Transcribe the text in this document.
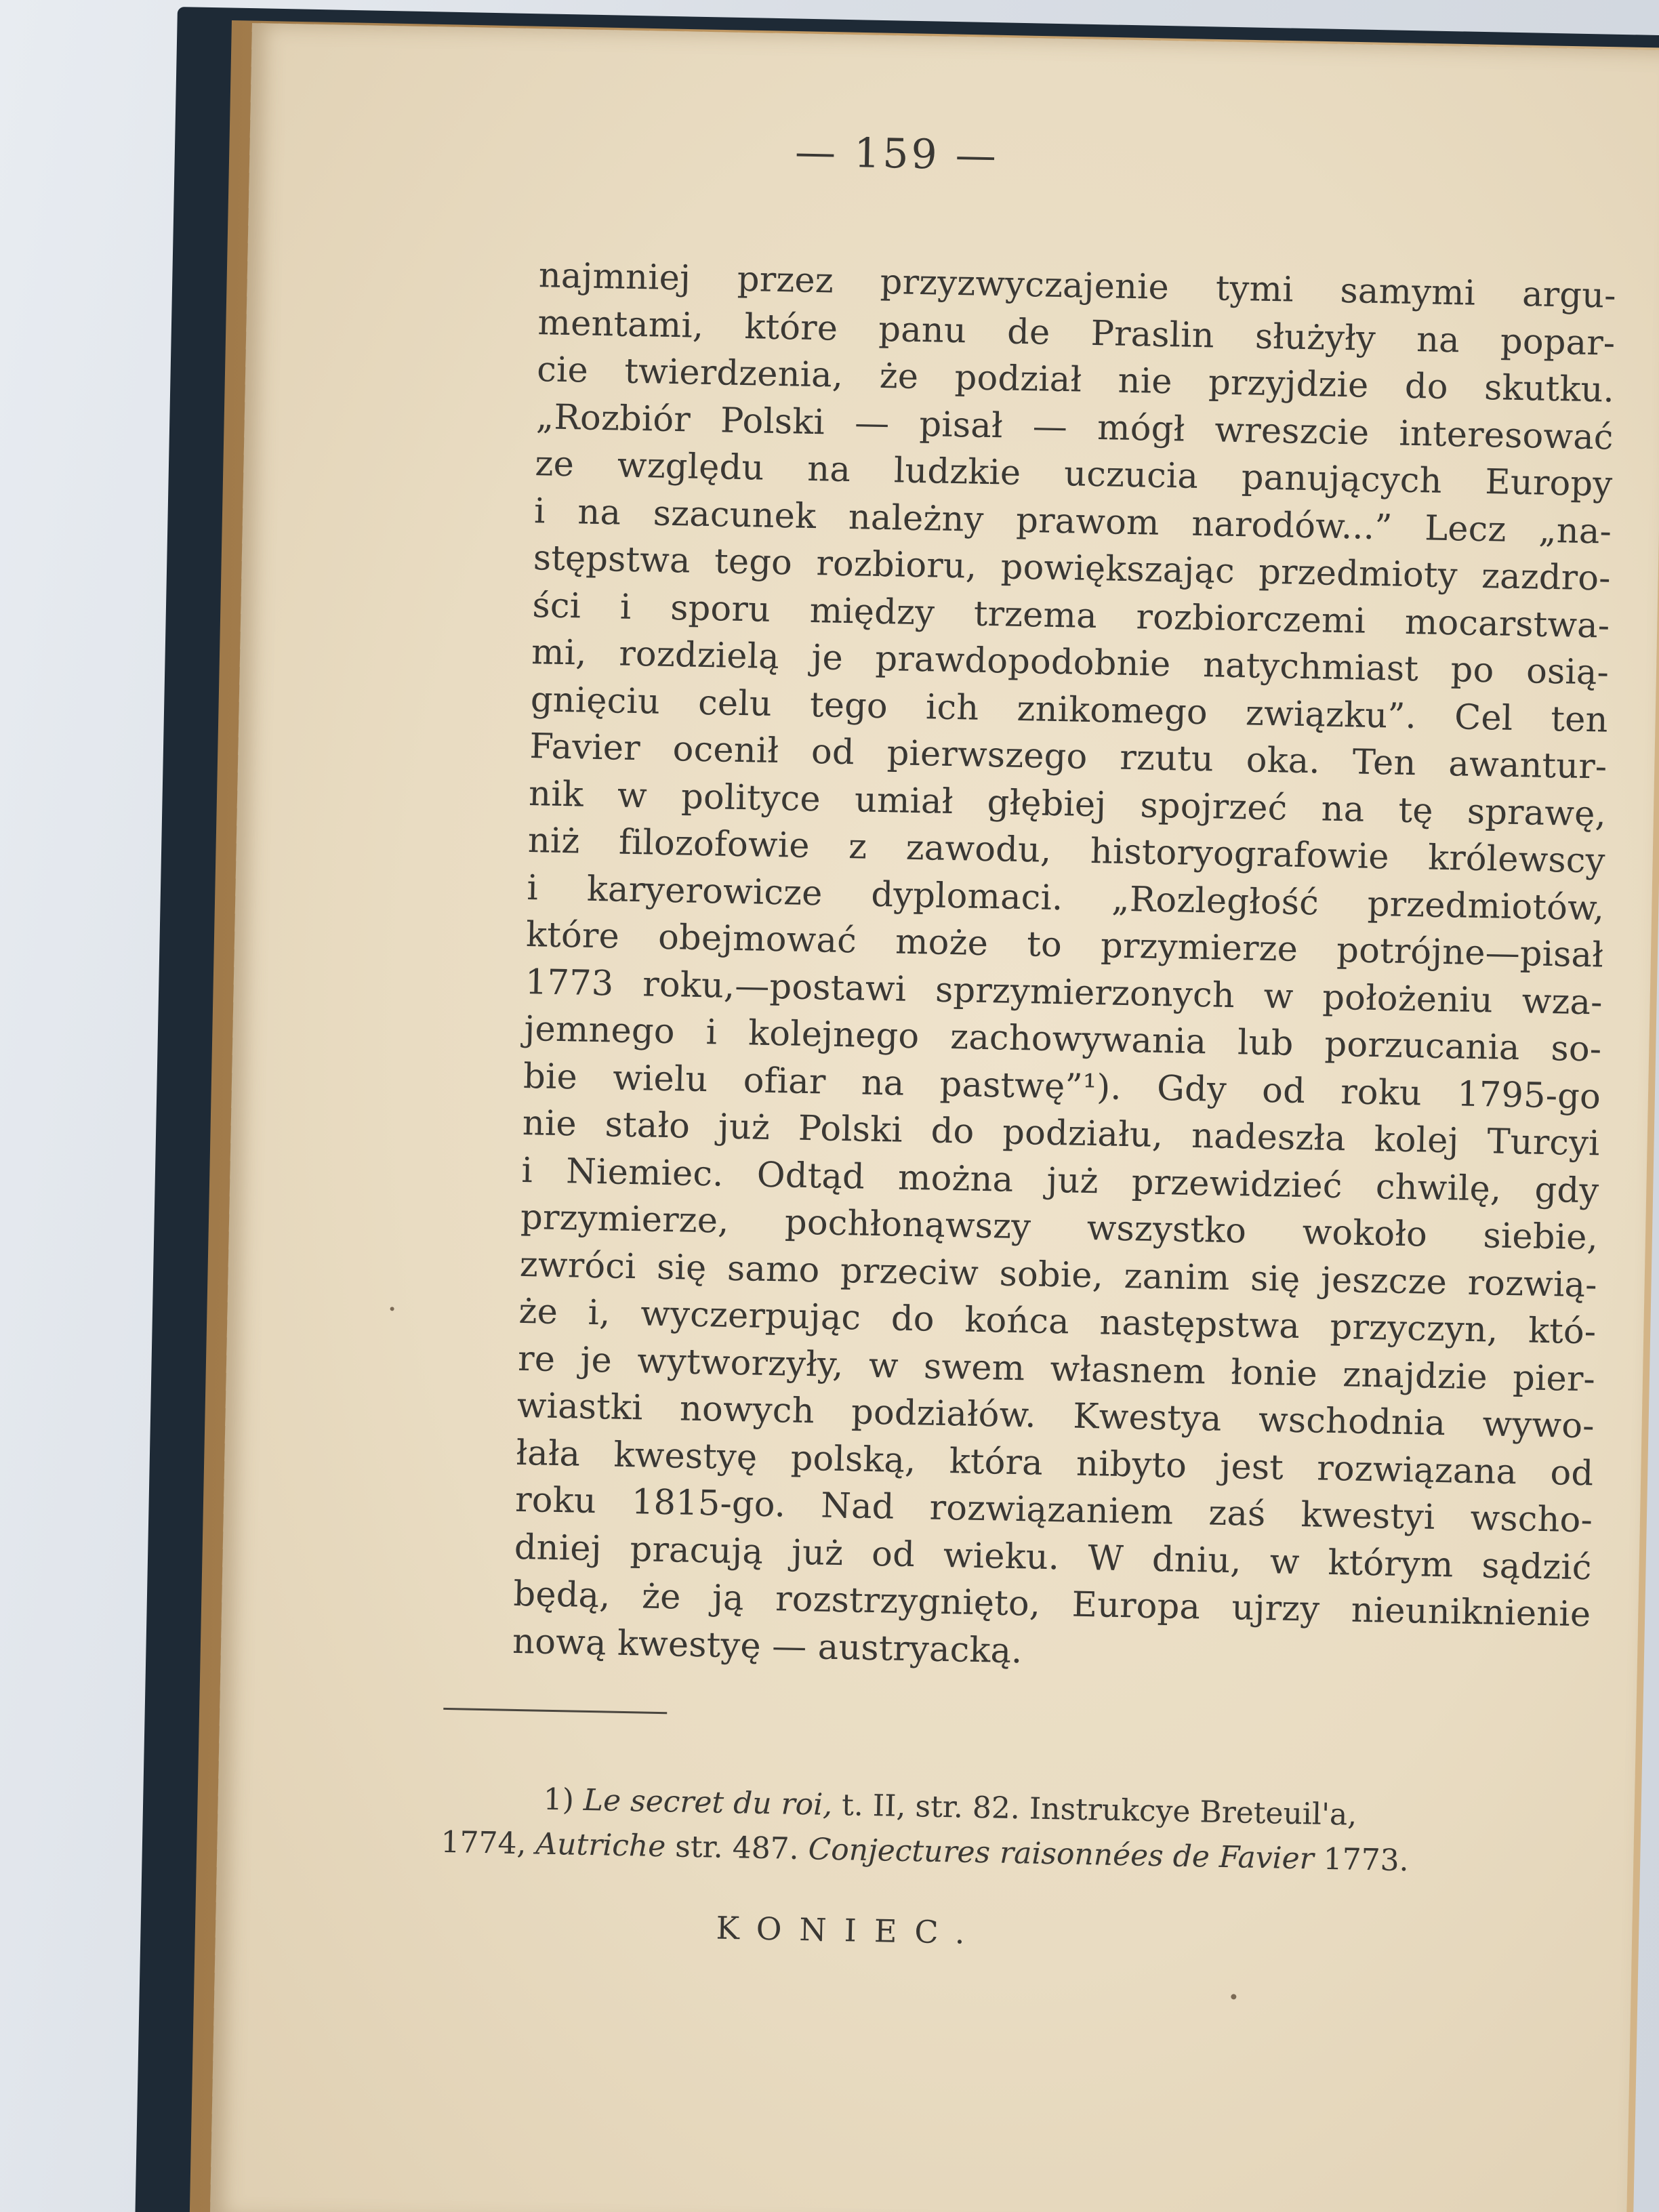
— 159 —
najmniej przez przyzwyczajenie tymi samymi argu-
mentami, które panu de Praslin służyły na popar-
cie twierdzenia, że podział nie przyjdzie do skutku.
„Rozbiór Polski — pisał — mógł wreszcie interesować
ze względu na ludzkie uczucia panujących Europy
i na szacunek należny prawom narodów...” Lecz „na-
stępstwa tego rozbioru, powiększając przedmioty zazdro-
ści i sporu między trzema rozbiorczemi mocarstwa-
mi, rozdzielą je prawdopodobnie natychmiast po osią-
gnięciu celu tego ich znikomego związku”. Cel ten
Favier ocenił od pierwszego rzutu oka. Ten awantur-
nik w polityce umiał głębiej spojrzeć na tę sprawę,
niż filozofowie z zawodu, historyografowie królewscy
i karyerowicze dyplomaci. „Rozległość przedmiotów,
które obejmować może to przymierze potrójne—pisał
1773 roku,—postawi sprzymierzonych w położeniu wza-
jemnego i kolejnego zachowywania lub porzucania so-
bie wielu ofiar na pastwę”¹). Gdy od roku 1795-go
nie stało już Polski do podziału, nadeszła kolej Turcyi
i Niemiec. Odtąd można już przewidzieć chwilę, gdy
przymierze, pochłonąwszy wszystko wokoło siebie,
zwróci się samo przeciw sobie, zanim się jeszcze rozwią-
że i, wyczerpując do końca następstwa przyczyn, któ-
re je wytworzyły, w swem własnem łonie znajdzie pier-
wiastki nowych podziałów. Kwestya wschodnia wywo-
łała kwestyę polską, która nibyto jest rozwiązana od
roku 1815-go. Nad rozwiązaniem zaś kwestyi wscho-
dniej pracują już od wieku. W dniu, w którym sądzić
będą, że ją rozstrzygnięto, Europa ujrzy nieuniknienie
nową kwestyę — austryacką.
1) Le secret du roi, t. II, str. 82. Instrukcye Breteuil'a,
1774, Autriche str. 487. Conjectures raisonnées de Favier 1773.
KONIEC.
